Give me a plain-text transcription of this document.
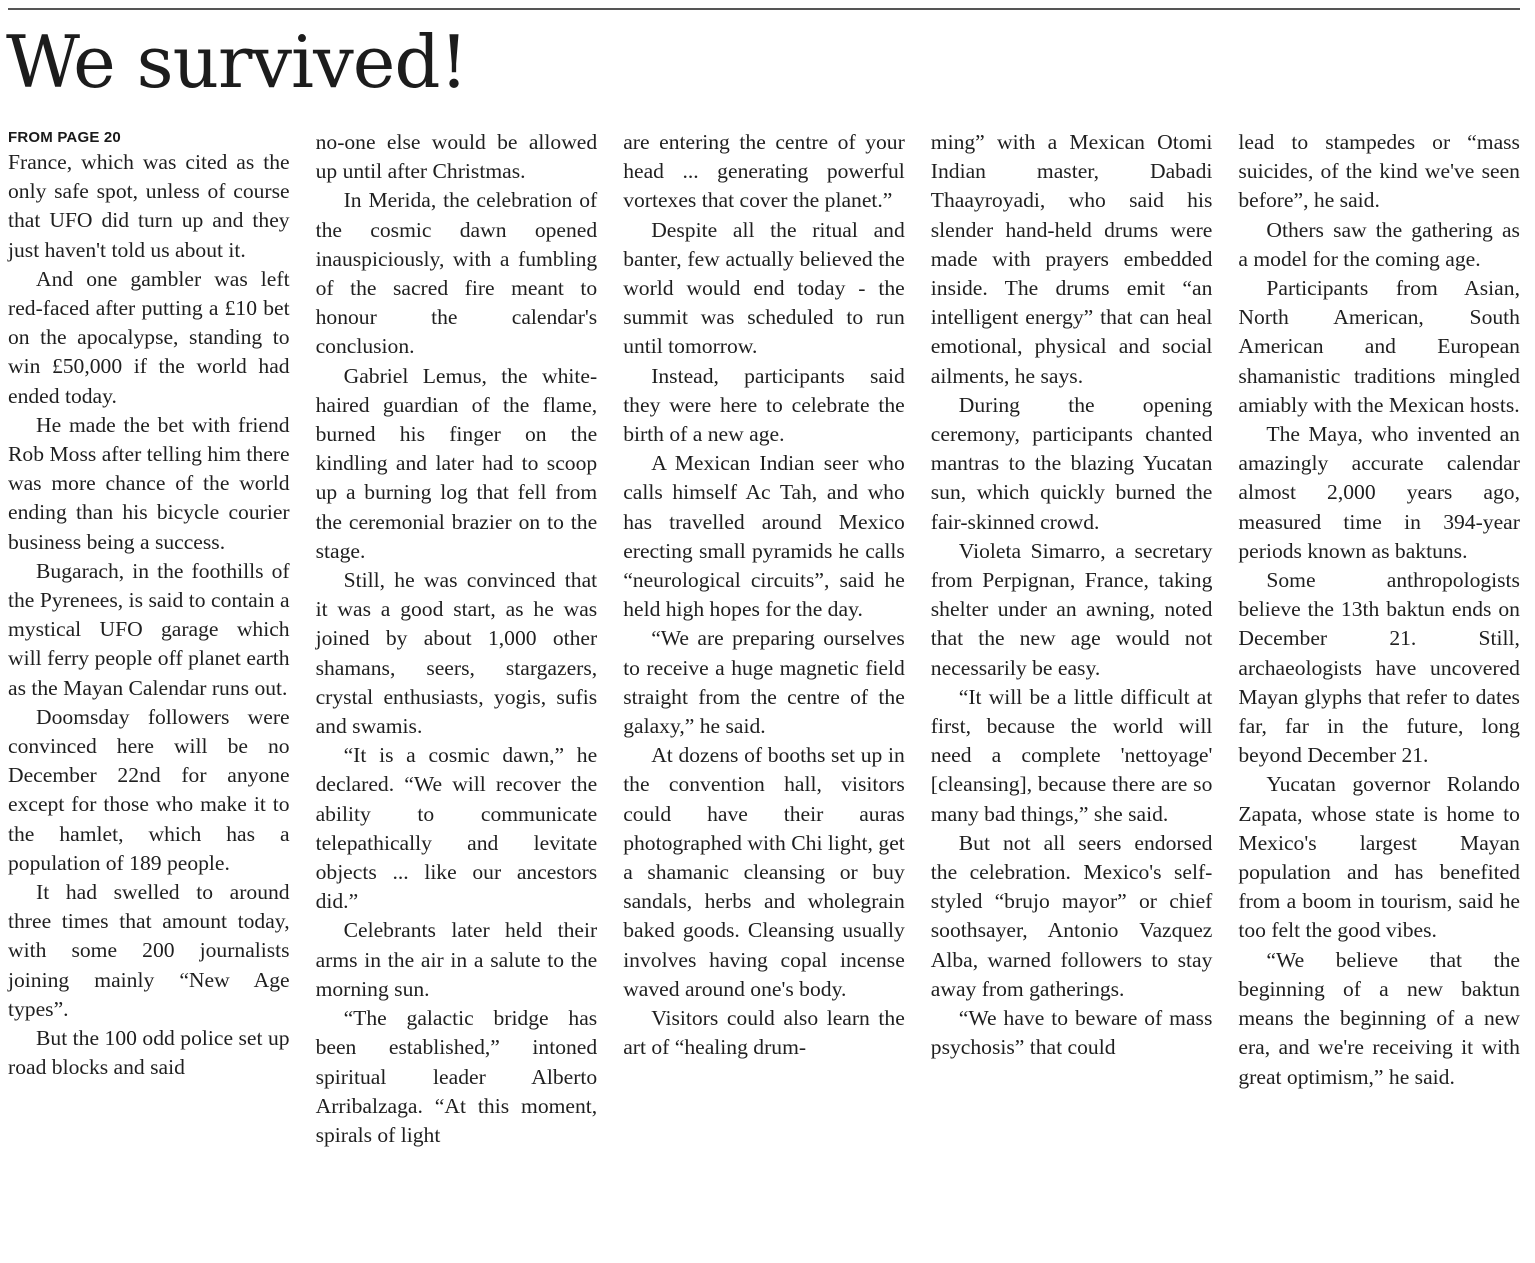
We survived!
FROM PAGE 20

France, which was cited as the only safe spot, unless of course that UFO did turn up and they just haven't told us about it.

And one gambler was left red-faced after putting a £10 bet on the apocalypse, standing to win £50,000 if the world had ended today.

He made the bet with friend Rob Moss after telling him there was more chance of the world ending than his bicycle courier business being a success.

Bugarach, in the foothills of the Pyrenees, is said to contain a mystical UFO garage which will ferry people off planet earth as the Mayan Calendar runs out.

Doomsday followers were convinced here will be no December 22nd for anyone except for those who make it to the hamlet, which has a population of 189 people.

It had swelled to around three times that amount today, with some 200 journalists joining mainly “New Age types”.

But the 100 odd police set up road blocks and said

no-one else would be allowed up until after Christmas.

In Merida, the celebration of the cosmic dawn opened inauspiciously, with a fumbling of the sacred fire meant to honour the calendar's conclusion.

Gabriel Lemus, the white-haired guardian of the flame, burned his finger on the kindling and later had to scoop up a burning log that fell from the ceremonial brazier on to the stage.

Still, he was convinced that it was a good start, as he was joined by about 1,000 other shamans, seers, stargazers, crystal enthusiasts, yogis, sufis and swamis.

“It is a cosmic dawn,” he declared. “We will recover the ability to communicate telepathically and levitate objects ... like our ancestors did.”

Celebrants later held their arms in the air in a salute to the morning sun.

“The galactic bridge has been established,” intoned spiritual leader Alberto Arribalzaga. “At this moment, spirals of light

are entering the centre of your head ... generating powerful vortexes that cover the planet.”

Despite all the ritual and banter, few actually believed the world would end today - the summit was scheduled to run until tomorrow.

Instead, participants said they were here to celebrate the birth of a new age.

A Mexican Indian seer who calls himself Ac Tah, and who has travelled around Mexico erecting small pyramids he calls “neurological circuits”, said he held high hopes for the day.

“We are preparing ourselves to receive a huge magnetic field straight from the centre of the galaxy,” he said.

At dozens of booths set up in the convention hall, visitors could have their auras photographed with Chi light, get a shamanic cleansing or buy sandals, herbs and wholegrain baked goods. Cleansing usually involves having copal incense waved around one's body.

Visitors could also learn the art of “healing drum-

ming” with a Mexican Otomi Indian master, Dabadi Thaayroyadi, who said his slender hand-held drums were made with prayers embedded inside. The drums emit “an intelligent energy” that can heal emotional, physical and social ailments, he says.

During the opening ceremony, participants chanted mantras to the blazing Yucatan sun, which quickly burned the fair-skinned crowd.

Violeta Simarro, a secretary from Perpignan, France, taking shelter under an awning, noted that the new age would not necessarily be easy.

“It will be a little difficult at first, because the world will need a complete 'nettoyage' [cleansing], because there are so many bad things,” she said.

But not all seers endorsed the celebration. Mexico's self-styled “brujo mayor” or chief soothsayer, Antonio Vazquez Alba, warned followers to stay away from gatherings.

“We have to beware of mass psychosis” that could

lead to stampedes or “mass suicides, of the kind we've seen before”, he said.

Others saw the gathering as a model for the coming age.

Participants from Asian, North American, South American and European shamanistic traditions mingled amiably with the Mexican hosts.

The Maya, who invented an amazingly accurate calendar almost 2,000 years ago, measured time in 394-year periods known as baktuns.

Some anthropologists believe the 13th baktun ends on December 21. Still, archaeologists have uncovered Mayan glyphs that refer to dates far, far in the future, long beyond December 21.

Yucatan governor Rolando Zapata, whose state is home to Mexico's largest Mayan population and has benefited from a boom in tourism, said he too felt the good vibes.

“We believe that the beginning of a new baktun means the beginning of a new era, and we're receiving it with great optimism,” he said.
